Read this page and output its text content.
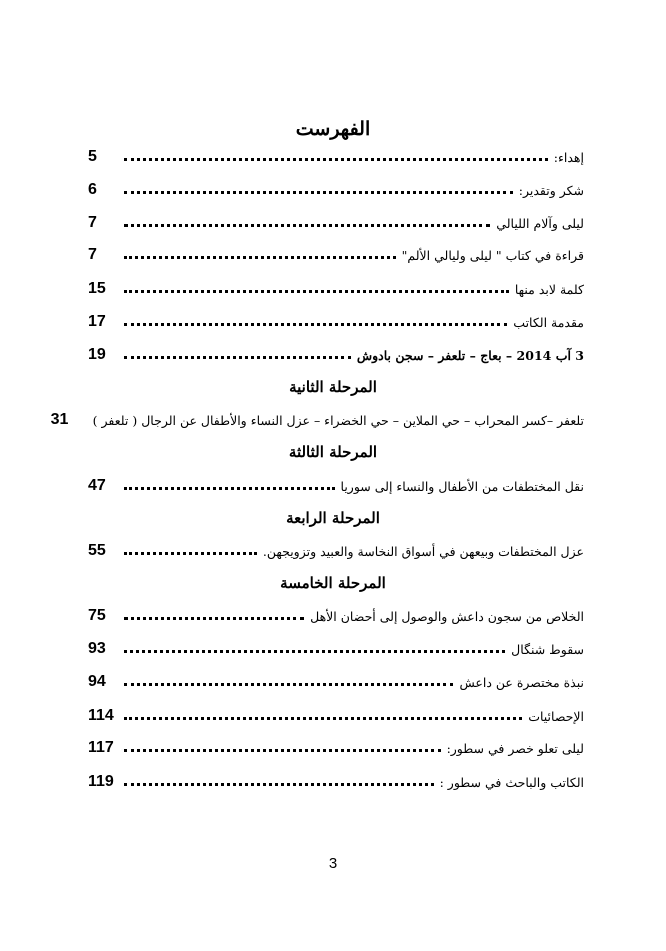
الفهرست
إهداء:
5
شكر وتقدير:
6
ليلى وآلام الليالي
7
قراءة في كتاب " ليلى وليالي الألم"
7
كلمة لابد منها
15
مقدمة الكاتب
17
3 آب 2014 – بعاج – تلعفر – سجن بادوش
19
المرحلة الثانية
تلعفر –كسر المحراب – حي الملاين – حي الخضراء – عزل النساء والأطفال عن الرجال ( تلعفر )
31
المرحلة الثالثة
نقل المختطفات من الأطفال والنساء إلى سوريا
47
المرحلة الرابعة
عزل المختطفات وبيعهن في أسواق النخاسة والعبيد وتزويجهن.
55
المرحلة الخامسة
الخلاص من سجون داعش والوصول إلى أحضان الأهل
75
سقوط شنگال
93
نبذة مختصرة عن داعش
94
الإحصائيات
114
ليلى تعلو خصر في سطور:
117
الكاتب والباحث في سطور :
119
3
